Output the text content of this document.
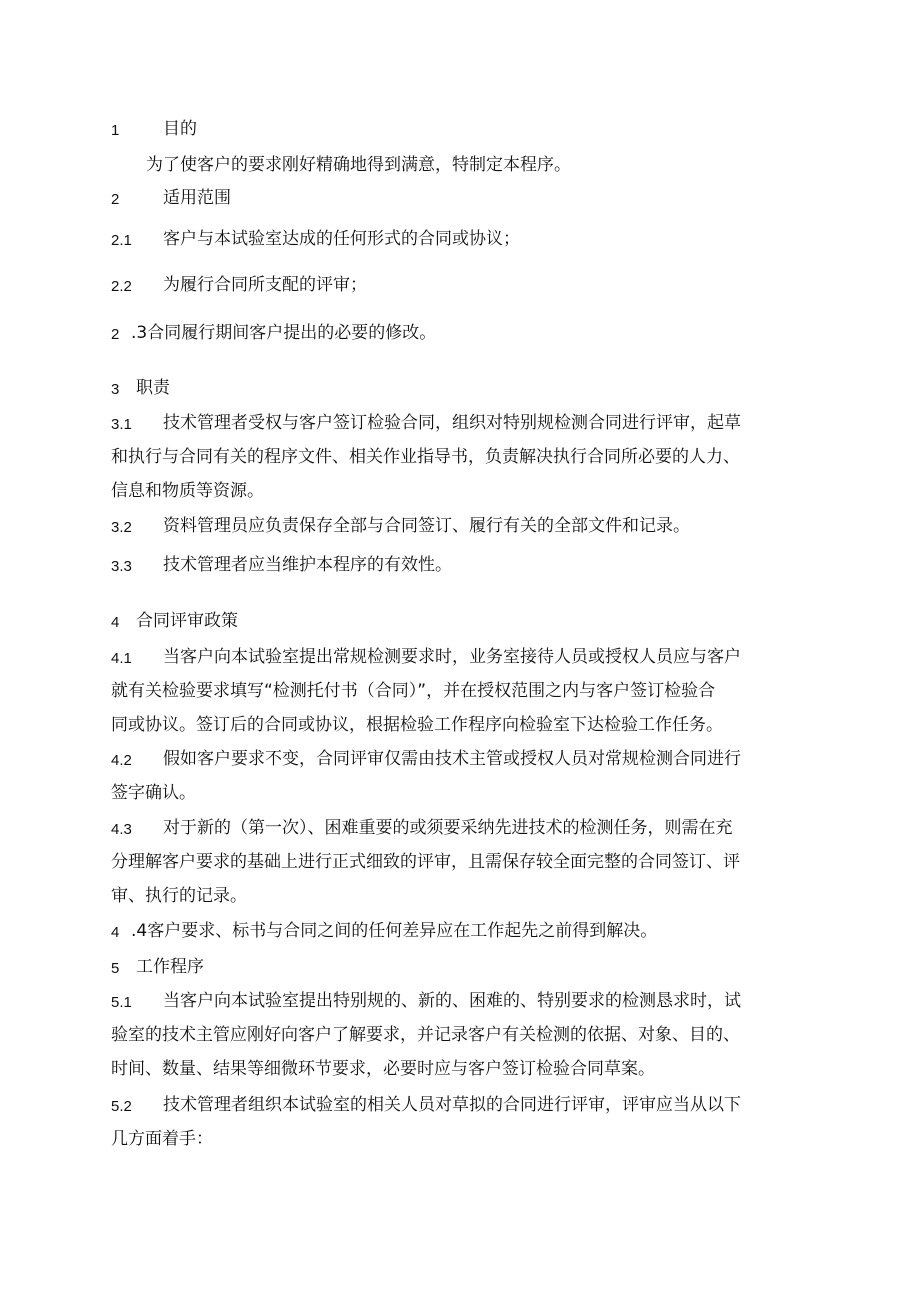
1	目的
为了使客户的要求刚好精确地得到满意，特制定本程序。
2	适用范围
2.1 客户与本试验室达成的任何形式的合同或协议；
2.2 为履行合同所支配的评审；
2 .3合同履行期间客户提出的必要的修改。
3 职责
3.1 技术管理者受权与客户签订检验合同，组织对特别规检测合同进行评审，起草
和执行与合同有关的程序文件、相关作业指导书，负责解决执行合同所必要的人力、
信息和物质等资源。
3.2 资料管理员应负责保存全部与合同签订、履行有关的全部文件和记录。
3.3 技术管理者应当维护本程序的有效性。
4 合同评审政策
4.1 当客户向本试验室提出常规检测要求时，业务室接待人员或授权人员应与客户
就有关检验要求填写“检测托付书（合同）”，并在授权范围之内与客户签订检验合
同或协议。签订后的合同或协议，根据检验工作程序向检验室下达检验工作任务。
4.2 假如客户要求不变，合同评审仅需由技术主管或授权人员对常规检测合同进行
签字确认。
4.3 对于新的（第一次）、困难重要的或须要采纳先进技术的检测任务，则需在充
分理解客户要求的基础上进行正式细致的评审，且需保存较全面完整的合同签订、评
审、执行的记录。
4 .4客户要求、标书与合同之间的任何差异应在工作起先之前得到解决。
5 工作程序
5.1 当客户向本试验室提出特别规的、新的、困难的、特别要求的检测恳求时，试
验室的技术主管应刚好向客户了解要求，并记录客户有关检测的依据、对象、目的、
时间、数量、结果等细微环节要求，必要时应与客户签订检验合同草案。
5.2 技术管理者组织本试验室的相关人员对草拟的合同进行评审，评审应当从以下
几方面着手：
